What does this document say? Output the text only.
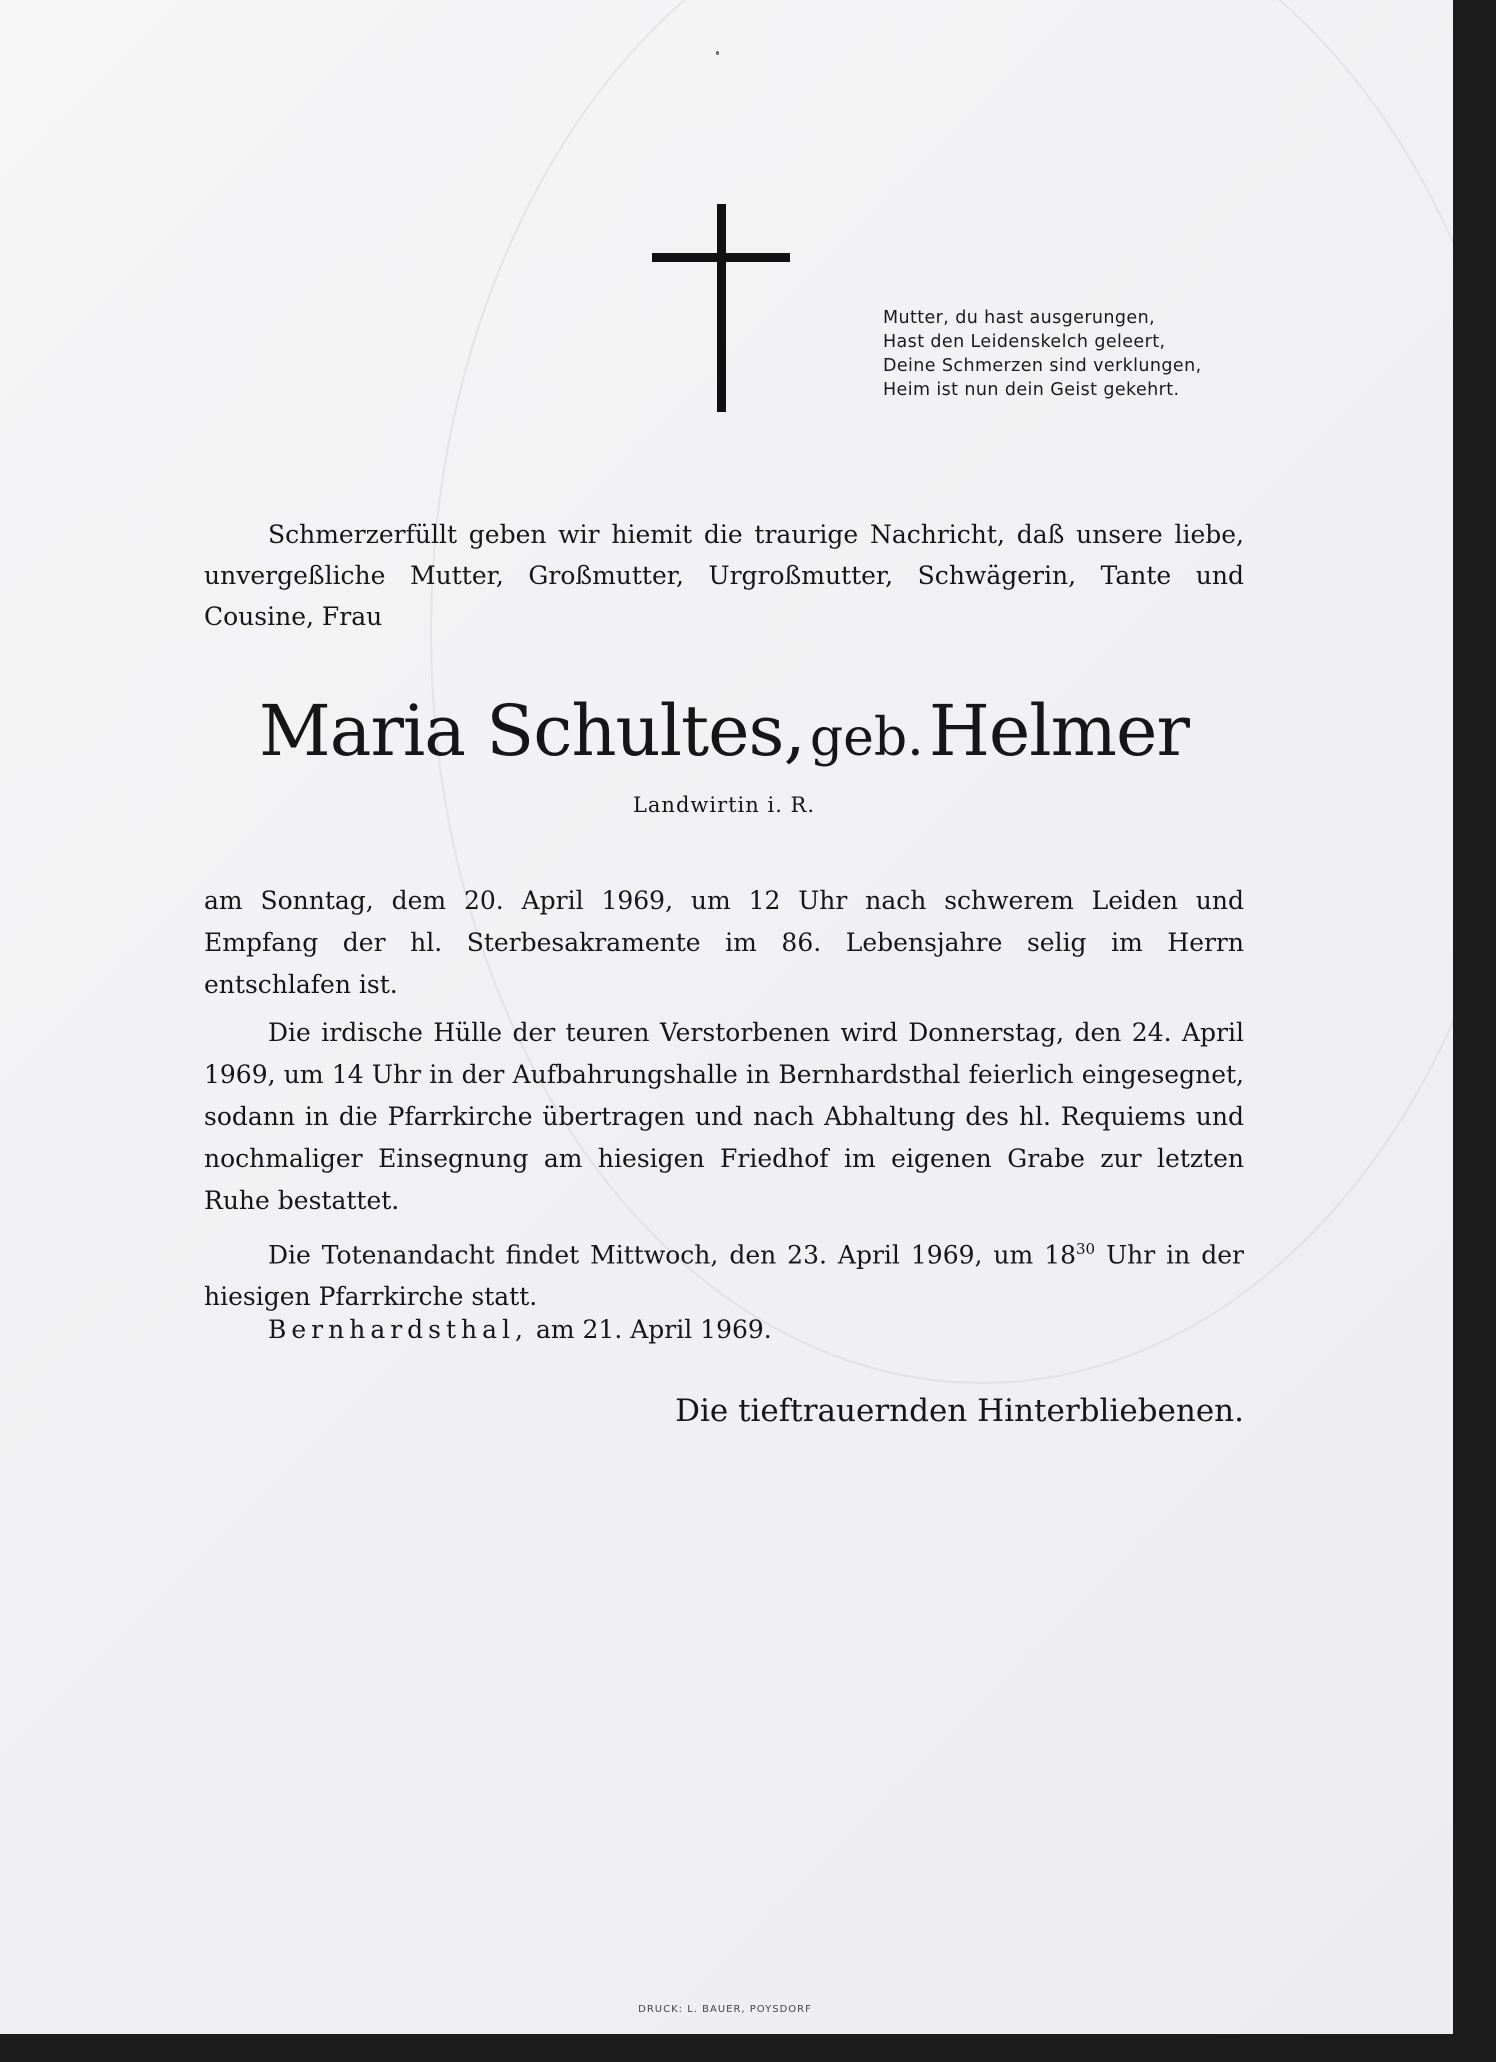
Mutter, du hast ausgerungen,
Hast den Leidenskelch geleert,
Deine Schmerzen sind verklungen,
Heim ist nun dein Geist gekehrt.
Schmerzerfüllt geben wir hiemit die traurige Nachricht, daß unsere liebe, unvergeßliche Mutter, Großmutter, Urgroßmutter, Schwägerin, Tante und Cousine, Frau
Maria Schultes, geb. Helmer
Landwirtin i. R.

am Sonntag, dem 20. April 1969, um 12 Uhr nach schwerem Leiden und Empfang der hl. Sterbesakramente im 86. Lebensjahre selig im Herrn entschlafen ist.

Die irdische Hülle der teuren Verstorbenen wird Donnerstag, den 24. April 1969, um 14 Uhr in der Aufbahrungshalle in Bernhardsthal feierlich eingesegnet, sodann in die Pfarrkirche übertragen und nach Abhaltung des hl. Requiems und nochmaliger Einsegnung am hiesigen Friedhof im eigenen Grabe zur letzten Ruhe bestattet.

Die Totenandacht findet Mittwoch, den 23. April 1969, um $18^{30}$ Uhr in der hiesigen Pfarrkirche statt.

Bernhardsthal, am 21. April 1969.
Die tieftrauernden Hinterbliebenen.
DRUCK: L. BAUER, POYSDORF
